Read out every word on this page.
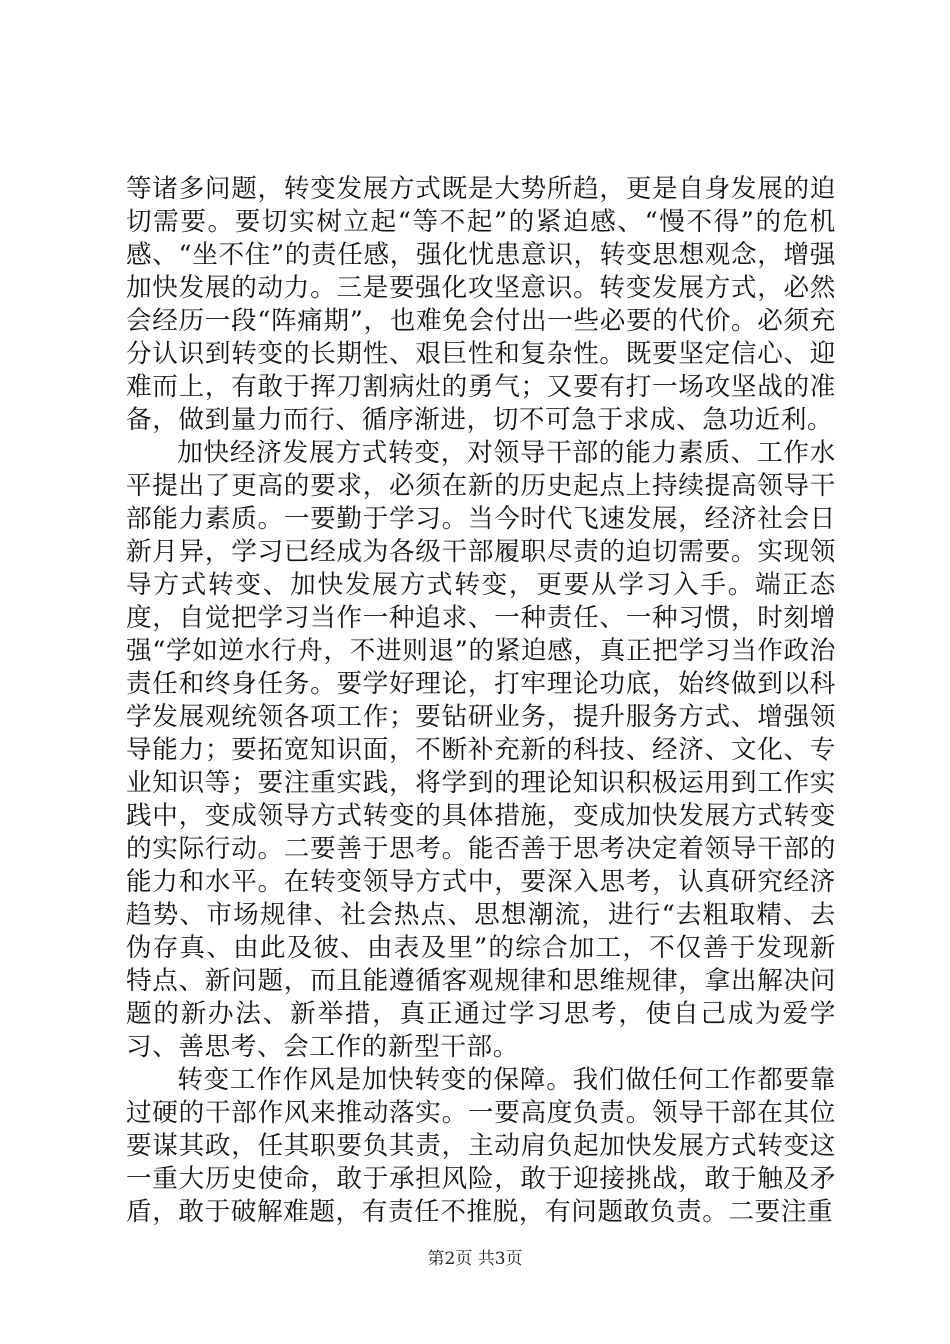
等诸多问题，转变发展方式既是大势所趋，更是自身发展的迫切需要。要切实树立起“等不起”的紧迫感、“慢不得”的危机感、“坐不住”的责任感，强化忧患意识，转变思想观念，增强加快发展的动力。三是要强化攻坚意识。转变发展方式，必然会经历一段“阵痛期”，也难免会付出一些必要的代价。必须充分认识到转变的长期性、艰巨性和复杂性。既要坚定信心、迎难而上，有敢于挥刀割病灶的勇气；又要有打一场攻坚战的准备，做到量力而行、循序渐进，切不可急于求成、急功近利。

加快经济发展方式转变，对领导干部的能力素质、工作水平提出了更高的要求，必须在新的历史起点上持续提高领导干部能力素质。一要勤于学习。当今时代飞速发展，经济社会日新月异，学习已经成为各级干部履职尽责的迫切需要。实现领导方式转变、加快发展方式转变，更要从学习入手。端正态度，自觉把学习当作一种追求、一种责任、一种习惯，时刻增强“学如逆水行舟，不进则退”的紧迫感，真正把学习当作政治责任和终身任务。要学好理论，打牢理论功底，始终做到以科学发展观统领各项工作；要钻研业务，提升服务方式、增强领导能力；要拓宽知识面，不断补充新的科技、经济、文化、专业知识等；要注重实践，将学到的理论知识积极运用到工作实践中，变成领导方式转变的具体措施，变成加快发展方式转变的实际行动。二要善于思考。能否善于思考决定着领导干部的能力和水平。在转变领导方式中，要深入思考，认真研究经济趋势、市场规律、社会热点、思想潮流，进行“去粗取精、去伪存真、由此及彼、由表及里”的综合加工，不仅善于发现新特点、新问题，而且能遵循客观规律和思维规律，拿出解决问题的新办法、新举措，真正通过学习思考，使自己成为爱学习、善思考、会工作的新型干部。

转变工作作风是加快转变的保障。我们做任何工作都要靠过硬的干部作风来推动落实。一要高度负责。领导干部在其位要谋其政，任其职要负其责，主动肩负起加快发展方式转变这一重大历史使命，敢于承担风险，敢于迎接挑战，敢于触及矛盾，敢于破解难题，有责任不推脱，有问题敢负责。二要注重

第2页 共3页
